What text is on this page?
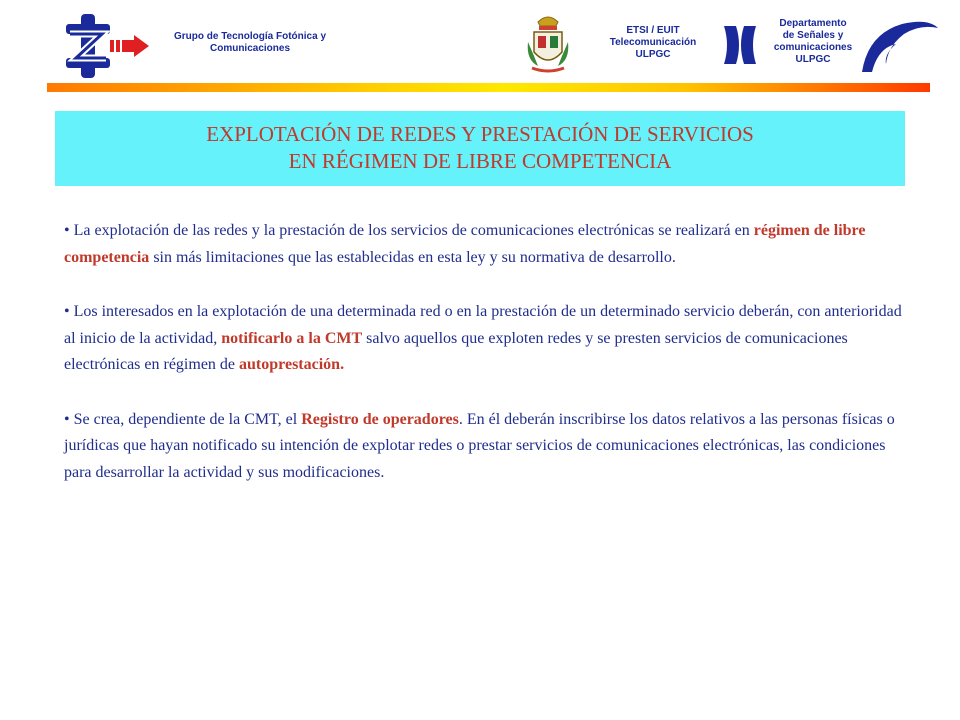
Grupo de Tecnología Fotónica y
Comunicaciones
ETSI / EUIT
Telecomunicación
ULPGC
Departamento
de Señales y
comunicaciones
ULPGC
EXPLOTACIÓN DE REDES Y PRESTACIÓN DE SERVICIOS
EN RÉGIMEN DE LIBRE COMPETENCIA

• La explotación de las redes y la prestación de los servicios de comunicaciones electrónicas se realizará en régimen de libre competencia sin más limitaciones que las establecidas en esta ley y su normativa de desarrollo.

• Los interesados en la explotación de una determinada red o en la prestación de un determinado servicio deberán, con anterioridad al inicio de la actividad, notificarlo a la CMT salvo aquellos que exploten redes y se presten servicios de comunicaciones electrónicas en régimen de autoprestación.

• Se crea, dependiente de la CMT, el Registro de operadores. En él deberán inscribirse los datos relativos a las personas físicas o jurídicas que hayan notificado su intención de explotar redes o prestar servicios de comunicaciones electrónicas, las condiciones para desarrollar la actividad y sus modificaciones.
